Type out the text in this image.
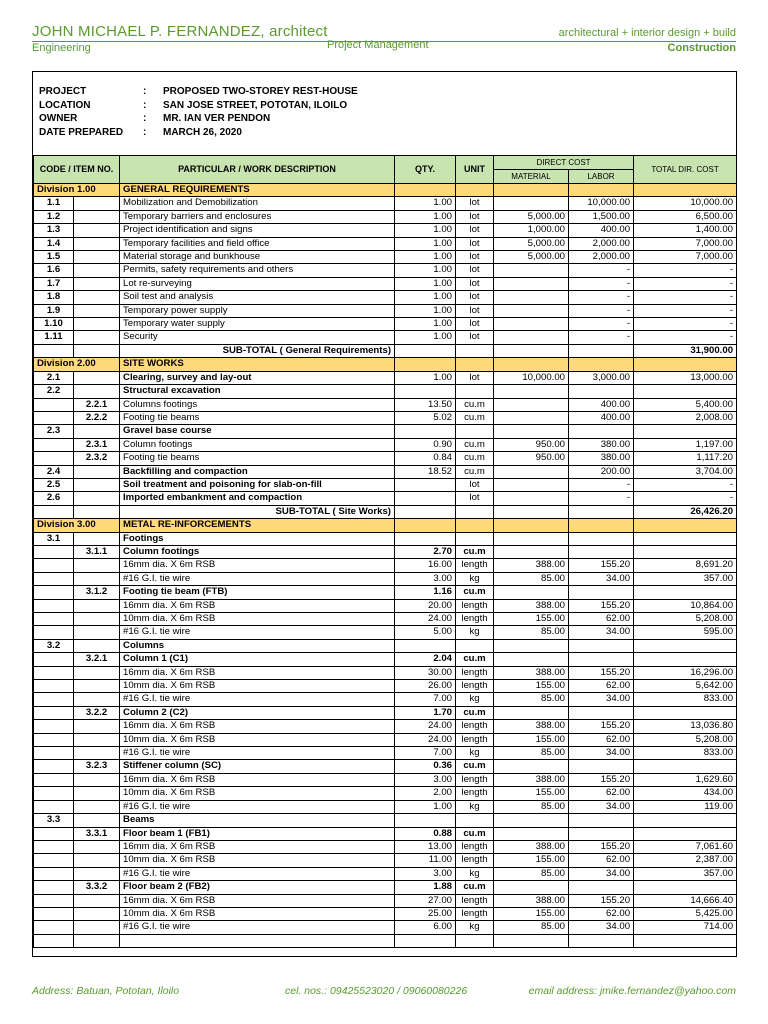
JOHN MICHAEL P. FERNANDEZ, architect	architectural + interior design + build
Engineering	Project Management	Construction
PROJECT	: PROPOSED TWO-STOREY REST-HOUSE
LOCATION	: SAN JOSE STREET, POTOTAN, ILOILO
OWNER	: MR. IAN VER PENDON
DATE PREPARED : MARCH 26, 2020
CODE / ITEM NO.		PARTICULAR / WORK DESCRIPTION	QTY.	UNIT	DIRECT COST		TOTAL DIR. COST
					MATERIAL	LABOR	
Division 1.00		GENERAL REQUIREMENTS					
1.1		Mobilization and Demobilization	1.00	lot		10,000.00	10,000.00
1.2		Temporary barriers and enclosures	1.00	lot	5,000.00	1,500.00	6,500.00
1.3		Project identification and signs	1.00	lot	1,000.00	400.00	1,400.00
1.4		Temporary facilities and field office	1.00	lot	5,000.00	2,000.00	7,000.00
1.5		Material storage and bunkhouse	1.00	lot	5,000.00	2,000.00	7,000.00
1.6		Permits, safety requirements and others	1.00	lot		-	-
1.7		Lot re-surveying	1.00	lot		-	-
1.8		Soil test and analysis	1.00	lot		-	-
1.9		Temporary power supply	1.00	lot		-	-
1.10		Temporary water supply	1.00	lot		-	-
1.11		Security	1.00	lot		-	-
		SUB-TOTAL ( General Requirements)					31,900.00
Division 2.00		SITE WORKS					
2.1		Clearing, survey and lay-out	1.00	lot	10,000.00	3,000.00	13,000.00
2.2		Structural excavation					
	2.2.1	Columns footings	13.50	cu.m		400.00	5,400.00
	2.2.2	Footing tie beams	5.02	cu.m		400.00	2,008.00
2.3		Gravel base course					
	2.3.1	Column footings	0.90	cu.m	950.00	380.00	1,197.00
	2.3.2	Footing tie beams	0.84	cu.m	950.00	380.00	1,117.20
2.4		Backfilling and compaction	18.52	cu.m		200.00	3,704.00
2.5		Soil treatment and poisoning for slab-on-fill		lot		-	-
2.6		Imported embankment and compaction		lot		-	-
		SUB-TOTAL ( Site Works)					26,426.20
Division 3.00		METAL RE-INFORCEMENTS					
3.1		Footings					
	3.1.1	Column footings	2.70	cu.m			
		16mm dia. X 6m RSB	16.00	length	388.00	155.20	8,691.20
		#16 G.I. tie wire	3.00	kg	85.00	34.00	357.00
	3.1.2	Footing tie beam (FTB)	1.16	cu.m			
		16mm dia. X 6m RSB	20.00	length	388.00	155.20	10,864.00
		10mm dia. X 6m RSB	24.00	length	155.00	62.00	5,208.00
		#16 G.I. tie wire	5.00	kg	85.00	34.00	595.00
3.2		Columns					
	3.2.1	Column 1 (C1)	2.04	cu.m			
		16mm dia. X 6m RSB	30.00	length	388.00	155.20	16,296.00
		10mm dia. X 6m RSB	26.00	length	155.00	62.00	5,642.00
		#16 G.I. tie wire	7.00	kg	85.00	34.00	833.00
	3.2.2	Column 2 (C2)	1.70	cu.m			
		16mm dia. X 6m RSB	24.00	length	388.00	155.20	13,036.80
		10mm dia. X 6m RSB	24.00	length	155.00	62.00	5,208.00
		#16 G.I. tie wire	7.00	kg	85.00	34.00	833.00
	3.2.3	Stiffener column (SC)	0.36	cu.m			
		16mm dia. X 6m RSB	3.00	length	388.00	155.20	1,629.60
		10mm dia. X 6m RSB	2.00	length	155.00	62.00	434.00
		#16 G.I. tie wire	1.00	kg	85.00	34.00	119.00
3.3		Beams					
	3.3.1	Floor beam 1 (FB1)	0.88	cu.m			
		16mm dia. X 6m RSB	13.00	length	388.00	155.20	7,061.60
		10mm dia. X 6m RSB	11.00	length	155.00	62.00	2,387.00
		#16 G.I. tie wire	3.00	kg	85.00	34.00	357.00
	3.3.2	Floor beam 2 (FB2)	1.88	cu.m			
		16mm dia. X 6m RSB	27.00	length	388.00	155.20	14,666.40
		10mm dia. X 6m RSB	25.00	length	155.00	62.00	5,425.00
		#16 G.I. tie wire	6.00	kg	85.00	34.00	714.00

Address: Batuan, Pototan, Iloilo	cel. nos.: 09425523020 / 09060080226	email address: jmike.fernandez@yahoo.com
